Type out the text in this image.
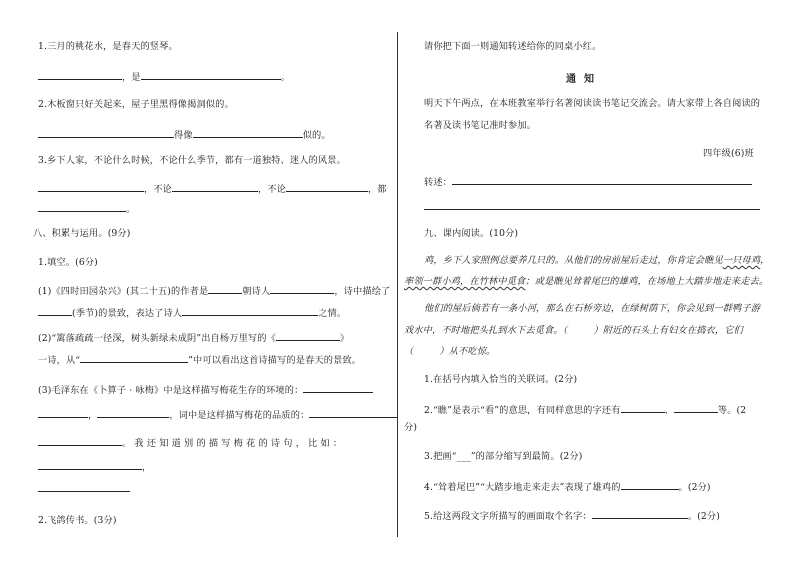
1.三月的桃花水，是春天的竖琴。
，是	。
2.木板窗只好关起来，屋子里黑得像揭洞似的。
得像	似的。
3.乡下人家，不论什么时候，不论什么季节，都有一道独特、迷人的风景。
，不论	，不论	，都
。
八、积累与运用。(9分)
1.填空。(6分)
(1)《四时田园杂兴》(其二十五)的作者是	朝诗人	，诗中描绘了
(季节)的景致，表达了诗人	之情。
(2)“篱落疏疏一径深，树头新绿未成阴”出自杨万里写的《	》
一诗，从“	”中可以看出这首诗描写的是春天的景致。
(3)毛泽东在《卜算子 · 咏梅》中是这样描写梅花生存的环境的：
，	，词中是这样描写梅花的品质的：
。 我 还 知 道 别 的 描 写 梅 花 的 诗 句 ， 比 如 ：
，
2.飞鸽传书。(3分)
请你把下面一则通知转述给你的同桌小红。
通知
明天下午两点，在本班教室举行名著阅读读书笔记交流会。请大家带上各自阅读的
名著及读书笔记准时参加。
四年级(6)班
转述：
九、课内阅读。(10分)
鸡，乡下人家照例总要养几只的。从他们的房前屋后走过，你肯定会瞧见一只母鸡，
率领一群小鸡，在竹林中觅食；或是瞧见耸着尾巴的雄鸡，在场地上大踏步地走来走去。
他们的屋后倘若有一条小河，那么在石桥旁边，在绿树荫下，你会见到一群鸭子游
戏水中，不时地把头扎到水下去觅食。（	）附近的石头上有妇女在捣衣，它们
（	）从不吃惊。
1.在括号内填入恰当的关联词。(2分)
2.“瞧”是表示“看”的意思，有同样意思的字还有	、	等。(2
分)
3.把画“___”的部分缩写到最简。(2分)
4.“耸着尾巴”“大踏步地走来走去”表现了雄鸡的	。(2分)
5.给这两段文字所描写的画面取个名字：	。(2分)
